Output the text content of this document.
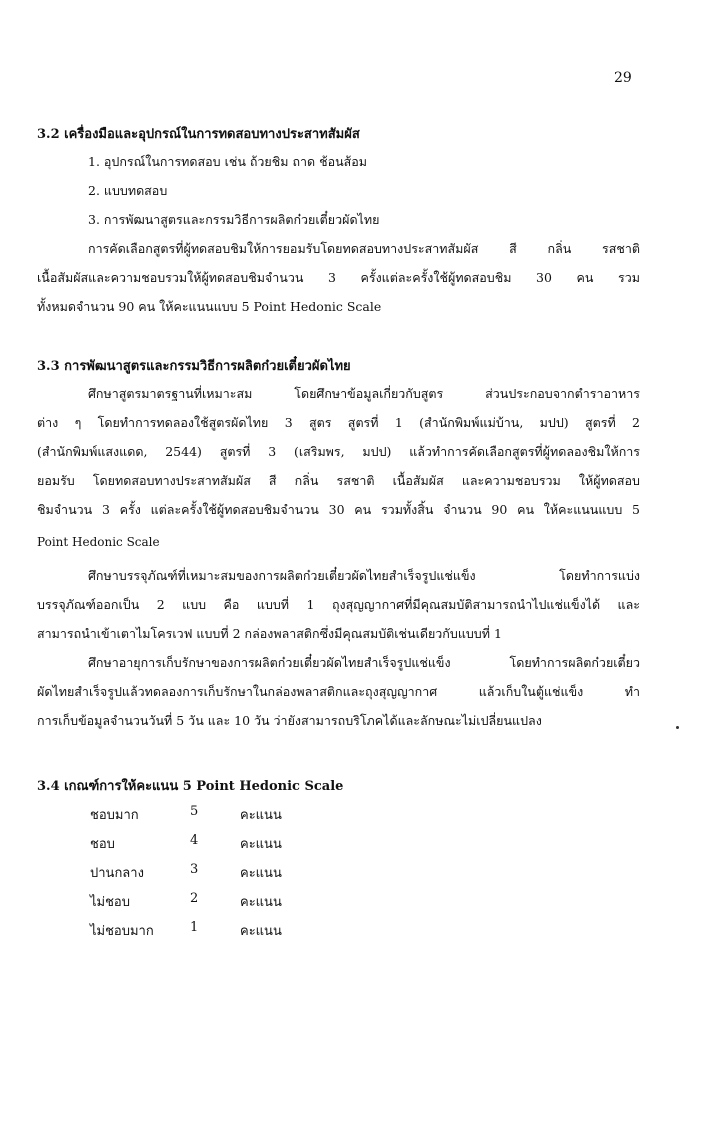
29
3.2 เครื่องมือและอุปกรณ์ในการทดสอบทางประสาทสัมผัส
1. อุปกรณ์ในการทดสอบ เช่น ถ้วยชิม ถาด ช้อนส้อม
2. แบบทดสอบ
3. การพัฒนาสูตรและกรรมวิธีการผลิตก๋วยเตี๋ยวผัดไทย
การคัดเลือกสูตรที่ผู้ทดสอบชิมให้การยอมรับโดยทดสอบทางประสาทสัมผัส สี กลิ่น รสชาติ
เนื้อสัมผัสและความชอบรวมให้ผู้ทดสอบชิมจำนวน 3 ครั้งแต่ละครั้งใช้ผู้ทดสอบชิม 30 คน รวม
ทั้งหมดจำนวน 90 คน ให้คะแนนแบบ 5 Point Hedonic Scale
3.3 การพัฒนาสูตรและกรรมวิธีการผลิตก๋วยเตี๋ยวผัดไทย
ศึกษาสูตรมาตรฐานที่เหมาะสม โดยศึกษาข้อมูลเกี่ยวกับสูตร ส่วนประกอบจากตำราอาหาร
ต่าง ๆ โดยทำการทดลองใช้สูตรผัดไทย 3 สูตร สูตรที่ 1 (สำนักพิมพ์แม่บ้าน, มปป) สูตรที่ 2
(สำนักพิมพ์แสงแดด, 2544) สูตรที่ 3 (เสริมพร, มปป) แล้วทำการคัดเลือกสูตรที่ผู้ทดลองชิมให้การ
ยอมรับ โดยทดสอบทางประสาทสัมผัส สี กลิ่น รสชาติ เนื้อสัมผัส และความชอบรวม ให้ผู้ทดสอบ
ชิมจำนวน 3 ครั้ง แต่ละครั้งใช้ผู้ทดสอบชิมจำนวน 30 คน รวมทั้งสิ้น จำนวน 90 คน ให้คะแนนแบบ 5
Point Hedonic Scale
ศึกษาบรรจุภัณฑ์ที่เหมาะสมของการผลิตก๋วยเตี๋ยวผัดไทยสำเร็จรูปแช่แข็ง โดยทำการแบ่ง
บรรจุภัณฑ์ออกเป็น 2 แบบ คือ แบบที่ 1 ถุงสุญญากาศที่มีคุณสมบัติสามารถนำไปแช่แข็งได้ และ
สามารถนำเข้าเตาไมโครเวฟ แบบที่ 2 กล่องพลาสติกซึ่งมีคุณสมบัติเช่นเดียวกับแบบที่ 1
ศึกษาอายุการเก็บรักษาของการผลิตก๋วยเตี๋ยวผัดไทยสำเร็จรูปแช่แข็ง โดยทำการผลิตก๋วยเตี๋ยว
ผัดไทยสำเร็จรูปแล้วทดลองการเก็บรักษาในกล่องพลาสติกและถุงสุญญากาศ แล้วเก็บในตู้แช่แข็ง ทำ
การเก็บข้อมูลจำนวนวันที่ 5 วัน และ 10 วัน ว่ายังสามารถบริโภคได้และลักษณะไม่เปลี่ยนแปลง
3.4 เกณฑ์การให้คะแนน 5 Point Hedonic Scale
ชอบมาก	5	คะแนน
ชอบ	4	คะแนน
ปานกลาง	3	คะแนน
ไม่ชอบ	2	คะแนน
ไม่ชอบมาก	1	คะแนน
